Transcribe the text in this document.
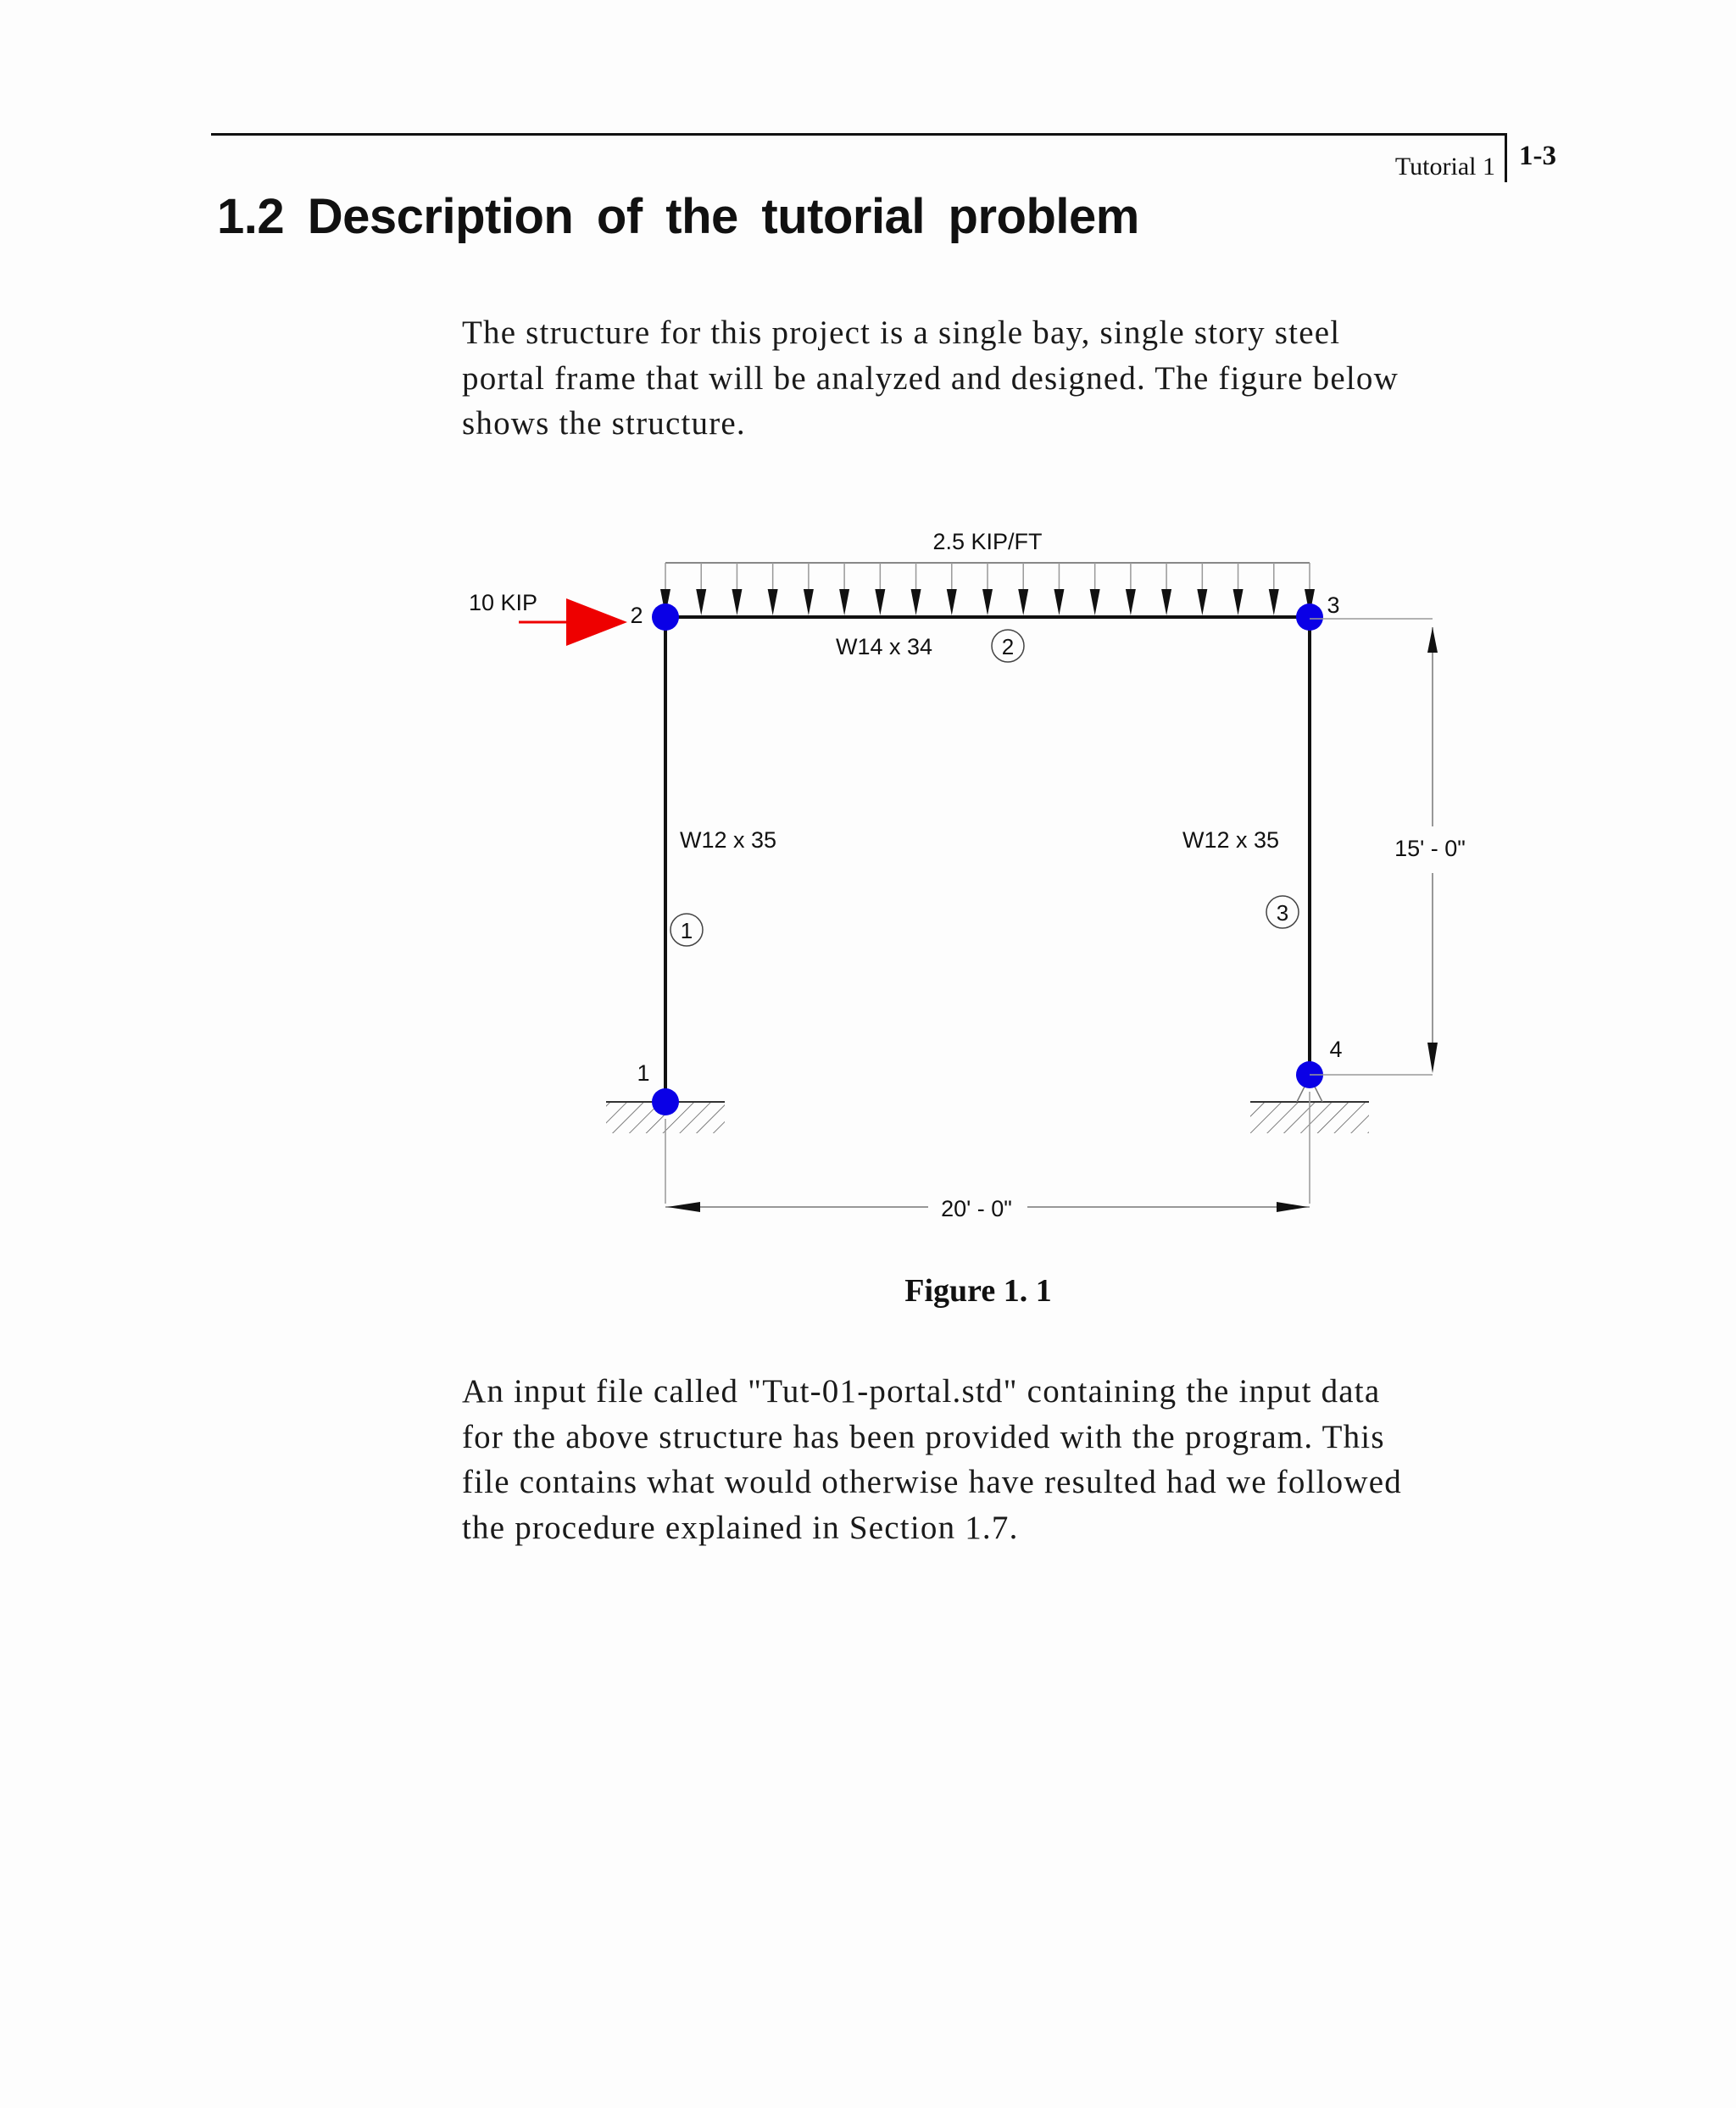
Tutorial 1 1-3
1.2 Description of the tutorial problem

The structure for this project is a single bay, single story steel

portal frame that will be analyzed and designed. The figure below

shows the structure.

2.5 KIP/FT
10 KIP
1
2	3
4
W14 x 34
W12 x 35	W12 x 35
1
2
3
15' - 0"
20' - 0"
Figure 1. 1

An input file called "Tut-01-portal.std" containing the input data

for the above structure has been provided with the program. This

file contains what would otherwise have resulted had we followed

the procedure explained in Section 1.7.
